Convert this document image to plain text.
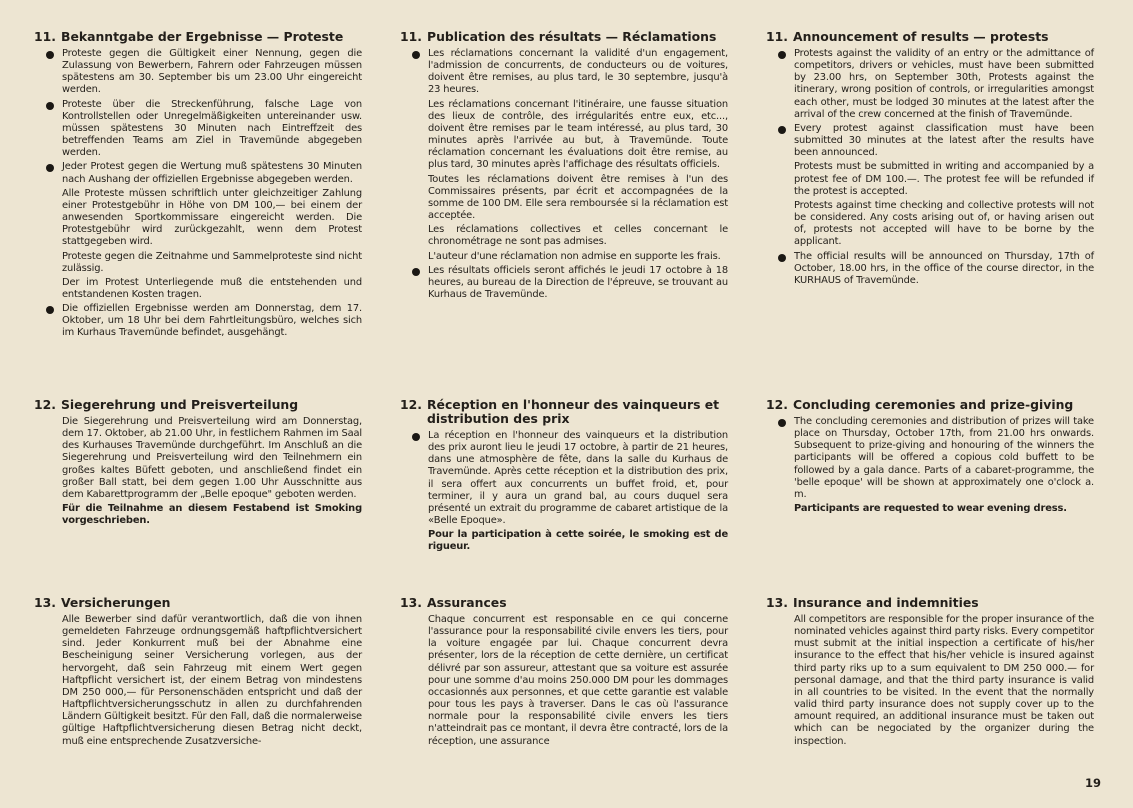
11. Bekanntgabe der Ergebnisse — Proteste

Proteste gegen die Gültigkeit einer Nennung, gegen die Zulassung von Bewerbern, Fahrern oder Fahrzeugen müssen spätestens am 30. September bis um 23.00 Uhr eingereicht werden.

Proteste über die Streckenführung, falsche Lage von Kontrollstellen oder Unregelmäßigkeiten untereinander usw. müssen spätestens 30 Minuten nach Eintreffzeit des betreffenden Teams am Ziel in Travemünde abgegeben werden.

Jeder Protest gegen die Wertung muß spätestens 30 Minuten nach Aushang der offiziellen Ergebnisse abgegeben werden.

Alle Proteste müssen schriftlich unter gleichzeitiger Zahlung einer Protestgebühr in Höhe von DM 100,— bei einem der anwesenden Sportkommissare eingereicht werden. Die Protestgebühr wird zurückgezahlt, wenn dem Protest stattgegeben wird.

Proteste gegen die Zeitnahme und Sammelproteste sind nicht zulässig.

Der im Protest Unterliegende muß die entstehenden und entstandenen Kosten tragen.

Die offiziellen Ergebnisse werden am Donnerstag, dem 17. Oktober, um 18 Uhr bei dem Fahrtleitungsbüro, welches sich im Kurhaus Travemünde befindet, ausgehängt.

11. Publication des résultats — Réclamations

Les réclamations concernant la validité d'un engagement, l'admission de concurrents, de conducteurs ou de voitures, doivent être remises, au plus tard, le 30 septembre, jusqu'à 23 heures.

Les réclamations concernant l'itinéraire, une fausse situation des lieux de contrôle, des irrégularités entre eux, etc..., doivent être remises par le team intéressé, au plus tard, 30 minutes après l'arrivée au but, à Travemünde. Toute réclamation concernant les évaluations doit être remise, au plus tard, 30 minutes après l'affichage des résultats officiels.

Toutes les réclamations doivent être remises à l'un des Commissaires présents, par écrit et accompagnées de la somme de 100 DM. Elle sera remboursée si la réclamation est acceptée.

Les réclamations collectives et celles concernant le chronométrage ne sont pas admises.

L'auteur d'une réclamation non admise en supporte les frais.

Les résultats officiels seront affichés le jeudi 17 octobre à 18 heures, au bureau de la Direction de l'épreuve, se trouvant au Kurhaus de Travemünde.

11. Announcement of results — protests

Protests against the validity of an entry or the admittance of competitors, drivers or vehicles, must have been submitted by 23.00 hrs, on September 30th, Protests against the itinerary, wrong position of controls, or irregularities amongst each other, must be lodged 30 minutes at the latest after the arrival of the crew concerned at the finish of Travemünde.

Every protest against classification must have been submitted 30 minutes at the latest after the results have been announced.

Protests must be submitted in writing and accompanied by a protest fee of DM 100.—. The protest fee will be refunded if the protest is accepted.

Protests against time checking and collective protests will not be considered. Any costs arising out of, or having arisen out of, protests not accepted will have to be borne by the applicant.

The official results will be announced on Thursday, 17th of October, 18.00 hrs, in the office of the course director, in the KURHAUS of Travemünde.

12. Siegerehrung und Preisverteilung

Die Siegerehrung und Preisverteilung wird am Donnerstag, dem 17. Oktober, ab 21.00 Uhr, in festlichem Rahmen im Saal des Kurhauses Travemünde durchgeführt. Im Anschluß an die Siegerehrung und Preisverteilung wird den Teilnehmern ein großes kaltes Büfett geboten, und anschließend findet ein großer Ball statt, bei dem gegen 1.00 Uhr Ausschnitte aus dem Kabarettprogramm der „Belle epoque" geboten werden.

Für die Teilnahme an diesem Festabend ist Smoking vorgeschrieben.

12. Réception en l'honneur des vainqueurs et distribution des prix

La réception en l'honneur des vainqueurs et la distribution des prix auront lieu le jeudi 17 octobre, à partir de 21 heures, dans une atmosphère de fête, dans la salle du Kurhaus de Travemünde. Après cette réception et la distribution des prix, il sera offert aux concurrents un buffet froid, et, pour terminer, il y aura un grand bal, au cours duquel sera présenté un extrait du programme de cabaret artistique de la «Belle Epoque».

Pour la participation à cette soirée, le smoking est de rigueur.

12. Concluding ceremonies and prize-giving

The concluding ceremonies and distribution of prizes will take place on Thursday, October 17th, from 21.00 hrs onwards. Subsequent to prize-giving and honouring of the winners the participants will be offered a copious cold buffett to be followed by a gala dance. Parts of a cabaret-programme, the 'belle epoque' will be shown at approximately one o'clock a. m.

Participants are requested to wear evening dress.

13. Versicherungen

Alle Bewerber sind dafür verantwortlich, daß die von ihnen gemeldeten Fahrzeuge ordnungsgemäß haftpflichtversichert sind. Jeder Konkurrent muß bei der Abnahme eine Bescheinigung seiner Versicherung vorlegen, aus der hervorgeht, daß sein Fahrzeug mit einem Wert gegen Haftpflicht versichert ist, der einem Betrag von mindestens DM 250 000,— für Personenschäden entspricht und daß der Haftpflichtversicherungsschutz in allen zu durchfahrenden Ländern Gültigkeit besitzt. Für den Fall, daß die normalerweise gültige Haftpflichtversicherung diesen Betrag nicht deckt, muß eine entsprechende Zusatzversiche-

13. Assurances

Chaque concurrent est responsable en ce qui concerne l'assurance pour la responsabilité civile envers les tiers, pour la voiture engagée par lui. Chaque concurrent devra présenter, lors de la réception de cette dernière, un certificat délivré par son assureur, attestant que sa voiture est assurée pour une somme d'au moins 250.000 DM pour les dommages occasionnés aux personnes, et que cette garantie est valable pour tous les pays à traverser. Dans le cas où l'assurance normale pour la responsabilité civile envers les tiers n'atteindrait pas ce montant, il devra être contracté, lors de la réception, une assurance

13. Insurance and indemnities

All competitors are responsible for the proper insurance of the nominated vehicles against third party risks. Every competitor must submit at the initial inspection a certificate of his/her insurance to the effect that his/her vehicle is insured against third party riks up to a sum equivalent to DM 250 000.— for personal damage, and that the third party insurance is valid in all countries to be visited. In the event that the normally valid third party insurance does not supply cover up to the amount required, an additional insurance must be taken out which can be negociated by the organizer during the inspection.

19
